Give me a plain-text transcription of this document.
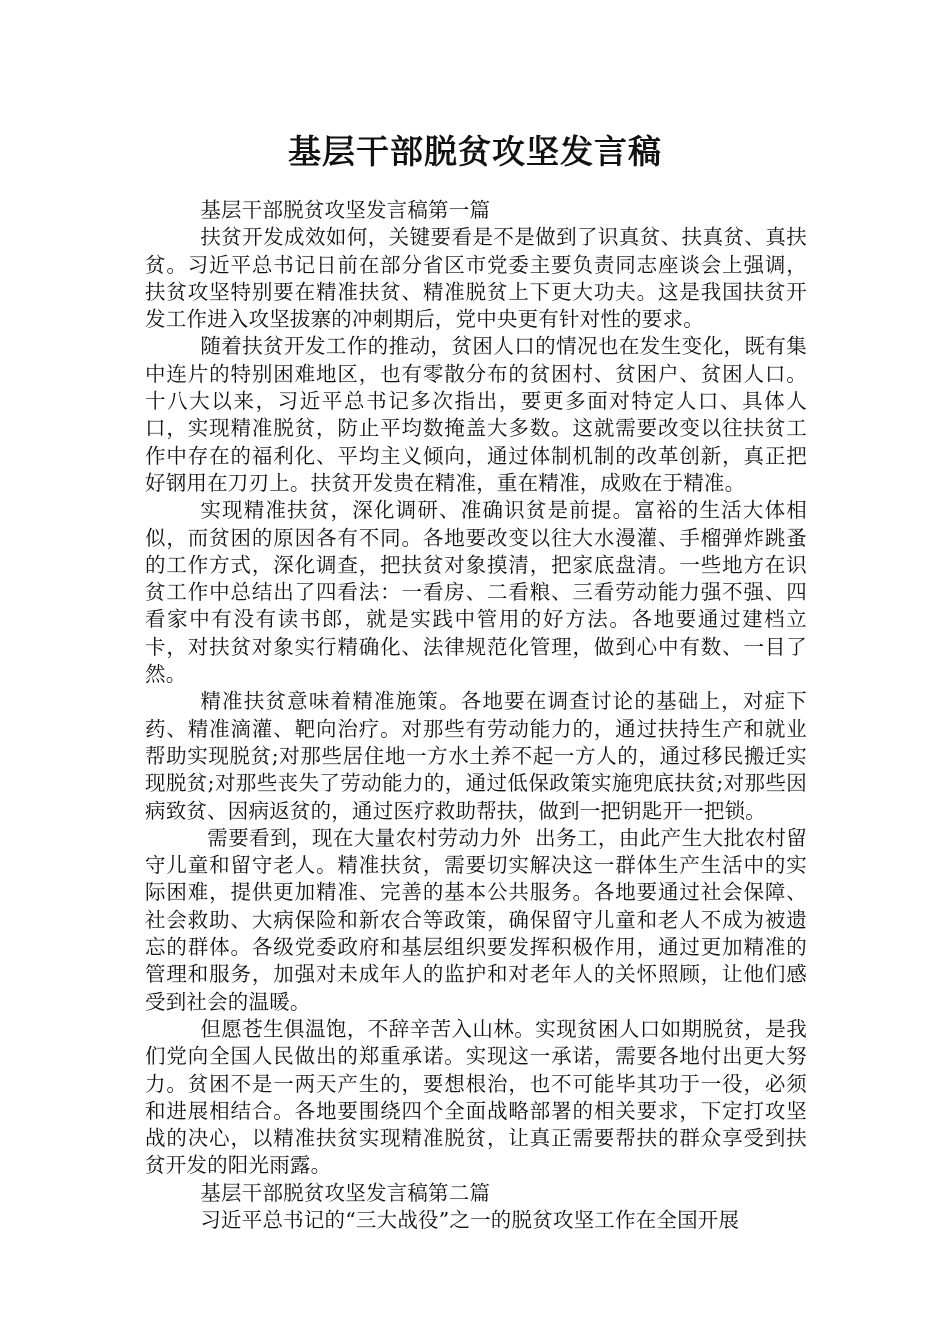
基层干部脱贫攻坚发言稿

基层干部脱贫攻坚发言稿第一篇

扶贫开发成效如何，关键要看是不是做到了识真贫、扶真贫、真扶贫。习近平总书记日前在部分省区市党委主要负责同志座谈会上强调，扶贫攻坚特别要在精准扶贫、精准脱贫上下更大功夫。这是我国扶贫开发工作进入攻坚拔寨的冲刺期后，党中央更有针对性的要求。

随着扶贫开发工作的推动，贫困人口的情况也在发生变化，既有集中连片的特别困难地区，也有零散分布的贫困村、贫困户、贫困人口。十八大以来，习近平总书记多次指出，要更多面对特定人口、具体人口，实现精准脱贫，防止平均数掩盖大多数。这就需要改变以往扶贫工作中存在的福利化、平均主义倾向，通过体制机制的改革创新，真正把好钢用在刀刃上。扶贫开发贵在精准，重在精准，成败在于精准。

实现精准扶贫，深化调研、准确识贫是前提。富裕的生活大体相似，而贫困的原因各有不同。各地要改变以往大水漫灌、手榴弹炸跳蚤的工作方式，深化调查，把扶贫对象摸清，把家底盘清。一些地方在识贫工作中总结出了四看法：一看房、二看粮、三看劳动能力强不强、四看家中有没有读书郎，就是实践中管用的好方法。各地要通过建档立卡，对扶贫对象实行精确化、法律规范化管理，做到心中有数、一目了然。

精准扶贫意味着精准施策。各地要在调查讨论的基础上，对症下药、精准滴灌、靶向治疗。对那些有劳动能力的，通过扶持生产和就业帮助实现脱贫;对那些居住地一方水土养不起一方人的，通过移民搬迁实现脱贫;对那些丧失了劳动能力的，通过低保政策实施兜底扶贫;对那些因病致贫、因病返贫的，通过医疗救助帮扶，做到一把钥匙开一把锁。

需要看到，现在大量农村劳动力外  出务工，由此产生大批农村留守儿童和留守老人。精准扶贫，需要切实解决这一群体生产生活中的实际困难，提供更加精准、完善的基本公共服务。各地要通过社会保障、社会救助、大病保险和新农合等政策，确保留守儿童和老人不成为被遗忘的群体。各级党委政府和基层组织要发挥积极作用，通过更加精准的管理和服务，加强对未成年人的监护和对老年人的关怀照顾，让他们感受到社会的温暖。

但愿苍生俱温饱，不辞辛苦入山林。实现贫困人口如期脱贫，是我们党向全国人民做出的郑重承诺。实现这一承诺，需要各地付出更大努力。贫困不是一两天产生的，要想根治，也不可能毕其功于一役，必须和进展相结合。各地要围绕四个全面战略部署的相关要求，下定打攻坚战的决心，以精准扶贫实现精准脱贫，让真正需要帮扶的群众享受到扶贫开发的阳光雨露。

基层干部脱贫攻坚发言稿第二篇

习近平总书记的“三大战役”之一的脱贫攻坚工作在全国开展
